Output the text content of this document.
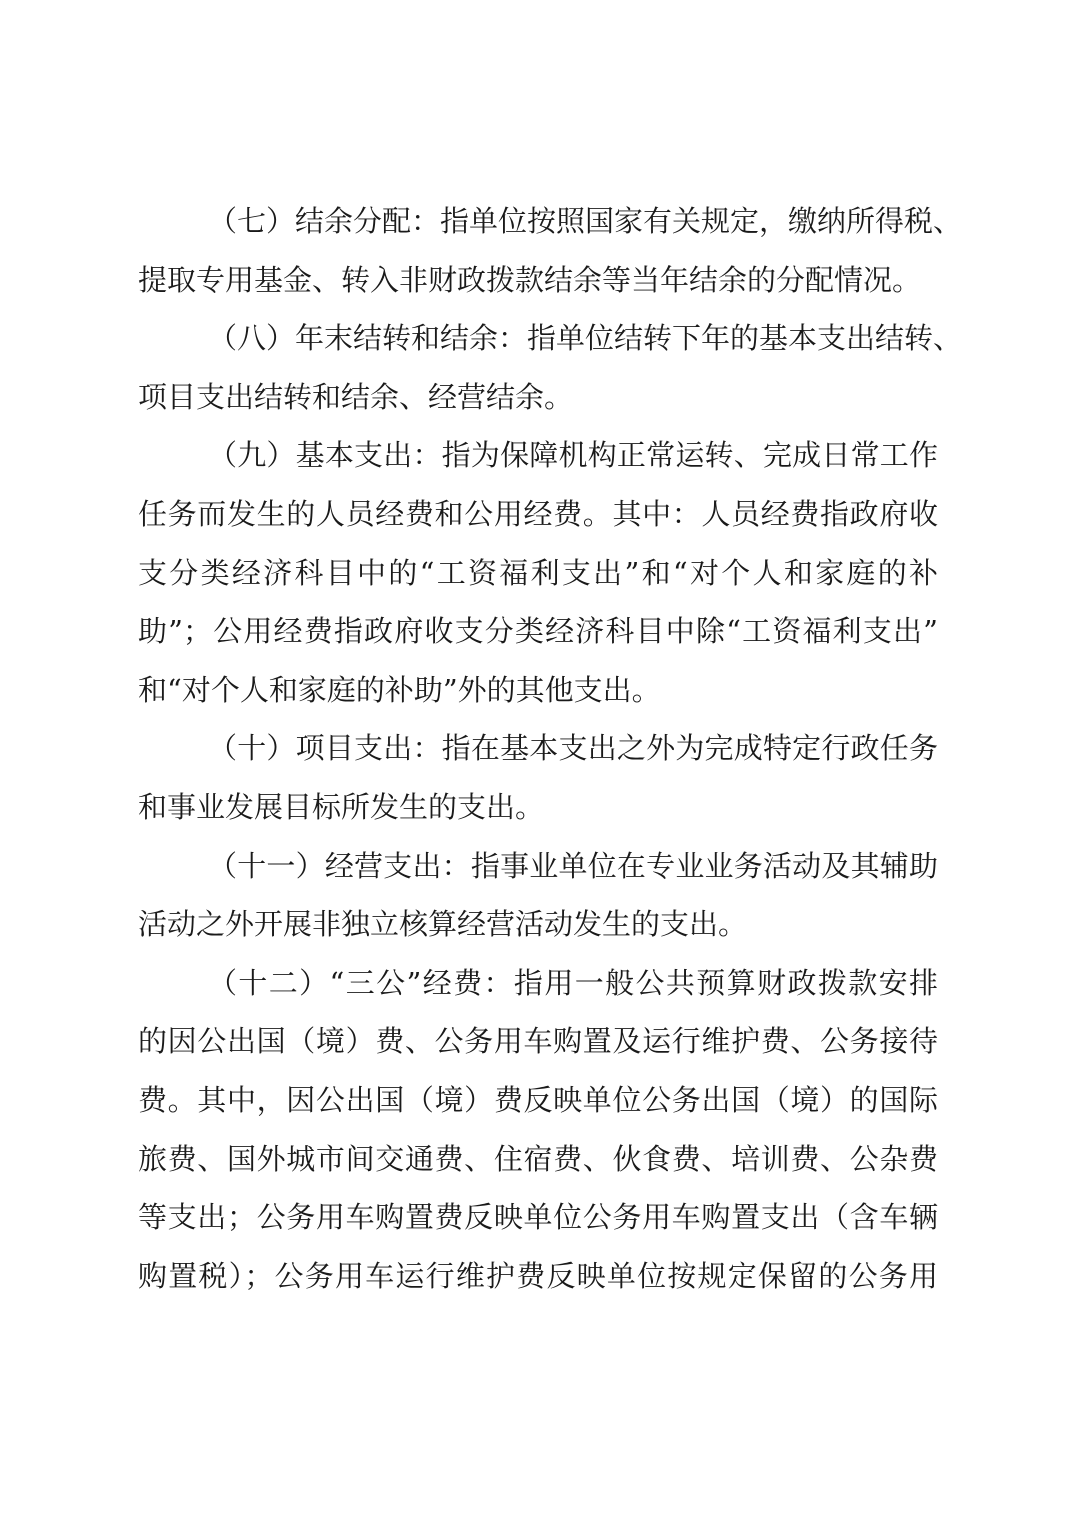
（七）结余分配：指单位按照国家有关规定，缴纳所得税、
提取专用基金、转入非财政拨款结余等当年结余的分配情况。
（八）年末结转和结余：指单位结转下年的基本支出结转、
项目支出结转和结余、经营结余。
（九）基本支出：指为保障机构正常运转、完成日常工作
任务而发生的人员经费和公用经费。其中：人员经费指政府收
支分类经济科目中的“工资福利支出”和“对个人和家庭的补
助”；公用经费指政府收支分类经济科目中除“工资福利支出”
和“对个人和家庭的补助”外的其他支出。
（十）项目支出：指在基本支出之外为完成特定行政任务
和事业发展目标所发生的支出。
（十一）经营支出：指事业单位在专业业务活动及其辅助
活动之外开展非独立核算经营活动发生的支出。
（十二）“三公”经费：指用一般公共预算财政拨款安排
的因公出国（境）费、公务用车购置及运行维护费、公务接待
费。其中，因公出国（境）费反映单位公务出国（境）的国际
旅费、国外城市间交通费、住宿费、伙食费、培训费、公杂费
等支出；公务用车购置费反映单位公务用车购置支出（含车辆
购置税）；公务用车运行维护费反映单位按规定保留的公务用
